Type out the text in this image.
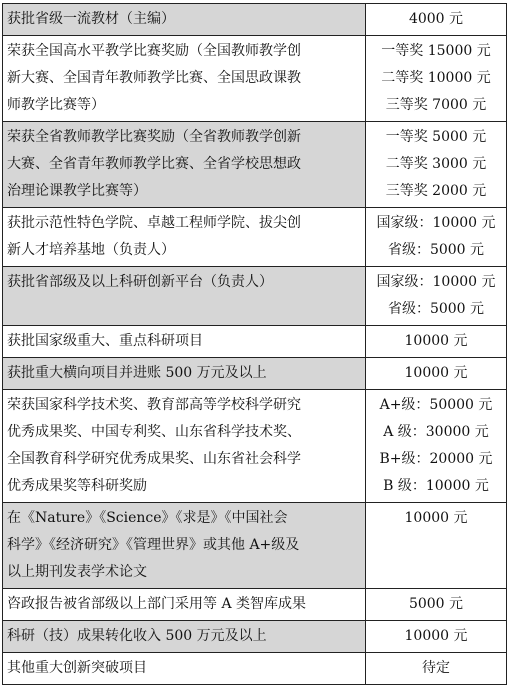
获批省级一流教材（主编）	4000 元

荣获全国高水平教学比赛奖励（全国教师教学创
新大赛、全国青年教师教学比赛、全国思政课教
师教学比赛等）	一等奖 15000 元
二等奖 10000 元
三等奖 7000 元

荣获全省教师教学比赛奖励（全省教师教学创新
大赛、全省青年教师教学比赛、全省学校思想政
治理论课教学比赛等）	一等奖 5000 元
二等奖 3000 元
三等奖 2000 元

获批示范性特色学院、卓越工程师学院、拔尖创
新人才培养基地（负责人）	国家级：10000 元
省级：5000 元

获批省部级及以上科研创新平台（负责人）	国家级：10000 元
省级：5000 元

获批国家级重大、重点科研项目	10000 元

获批重大横向项目并进账 500 万元及以上	10000 元

荣获国家科学技术奖、教育部高等学校科学研究
优秀成果奖、中国专利奖、山东省科学技术奖、
全国教育科学研究优秀成果奖、山东省社会科学
优秀成果奖等科研奖励	A+级：50000 元
A 级：30000 元
B+级：20000 元
B 级：10000 元

在《Nature》《Science》《求是》《中国社会
科学》《经济研究》《管理世界》或其他 A+级及
以上期刊发表学术论文	10000 元

咨政报告被省部级以上部门采用等 A 类智库成果	5000 元

科研（技）成果转化收入 500 万元及以上	10000 元

其他重大创新突破项目	待定
